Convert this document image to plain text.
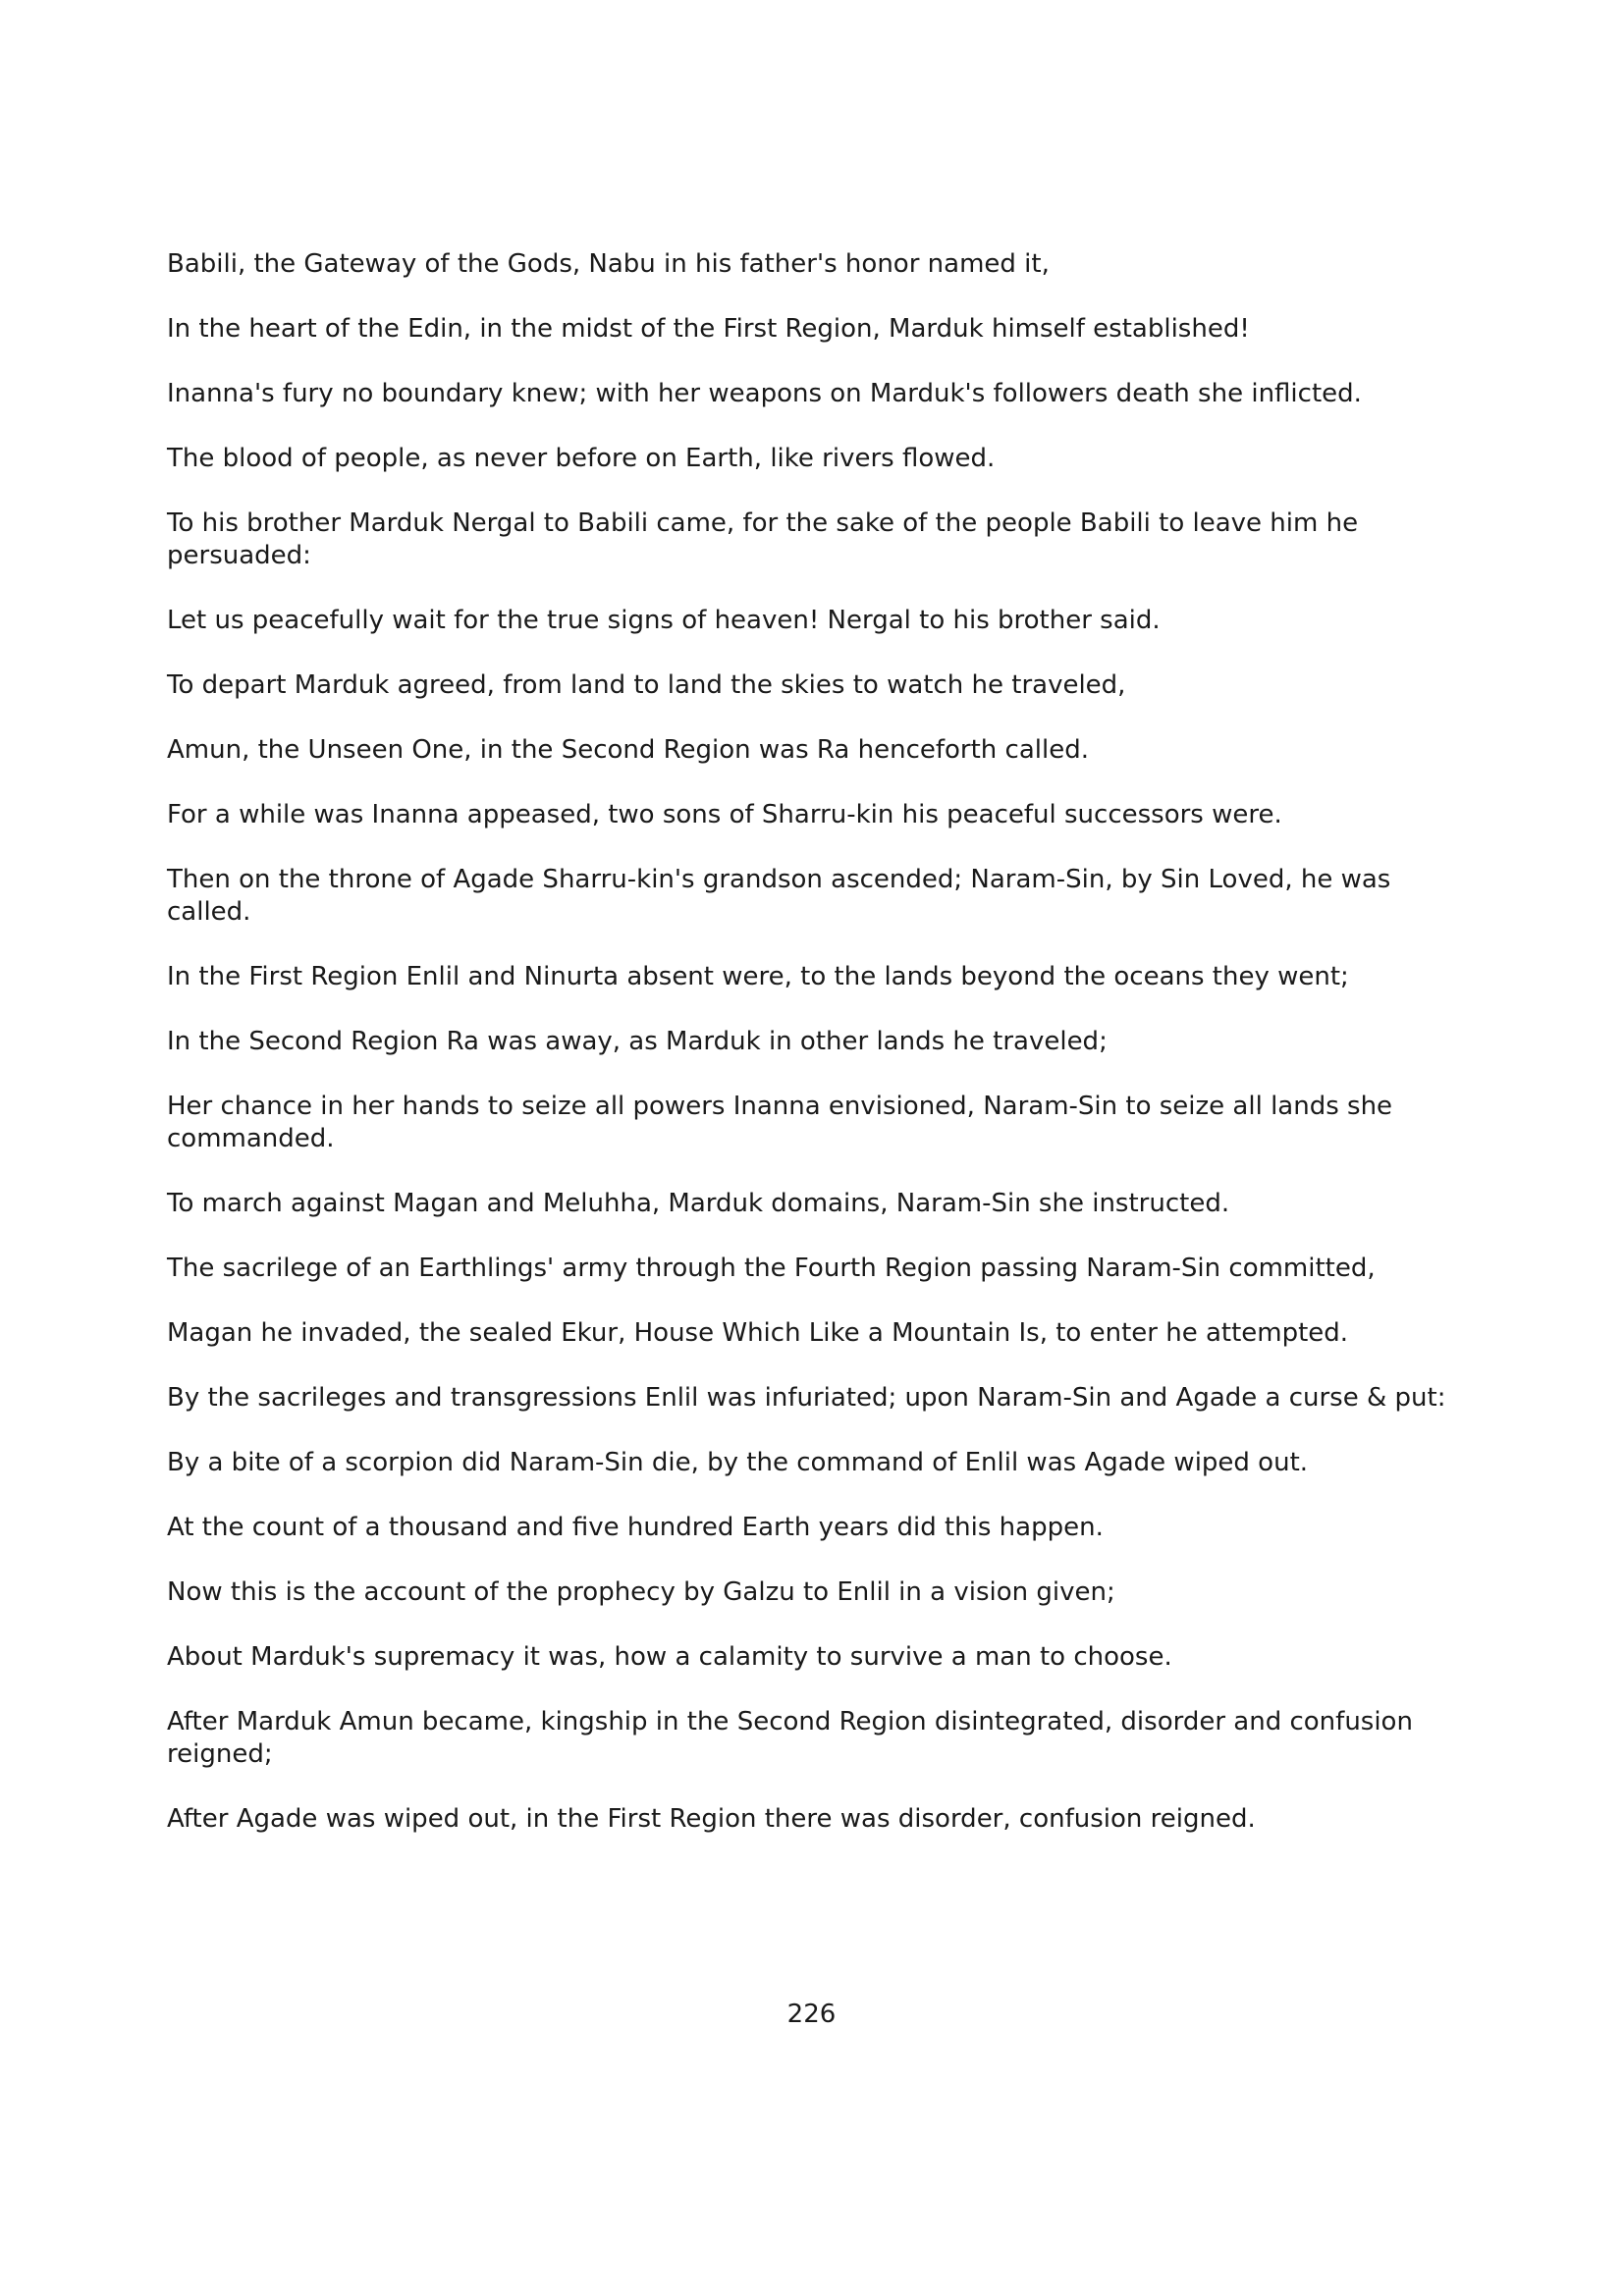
Babili, the Gateway of the Gods, Nabu in his father's honor named it,

In the heart of the Edin, in the midst of the First Region, Marduk himself established!

Inanna's fury no boundary knew; with her weapons on Marduk's followers death she inflicted.

The blood of people, as never before on Earth, like rivers flowed.

To his brother Marduk Nergal to Babili came, for the sake of the people Babili to leave him he persuaded:

Let us peacefully wait for the true signs of heaven! Nergal to his brother said.

To depart Marduk agreed, from land to land the skies to watch he traveled,

Amun, the Unseen One, in the Second Region was Ra henceforth called.

For a while was Inanna appeased, two sons of Sharru-kin his peaceful successors were.

Then on the throne of Agade Sharru-kin's grandson ascended; Naram-Sin, by Sin Loved, he was called.

In the First Region Enlil and Ninurta absent were, to the lands beyond the oceans they went;

In the Second Region Ra was away, as Marduk in other lands he traveled;

Her chance in her hands to seize all powers Inanna envisioned, Naram-Sin to seize all lands she commanded.

To march against Magan and Meluhha, Marduk domains, Naram-Sin she instructed.

The sacrilege of an Earthlings' army through the Fourth Region passing Naram-Sin committed,

Magan he invaded, the sealed Ekur, House Which Like a Mountain Is, to enter he attempted.

By the sacrileges and transgressions Enlil was infuriated; upon Naram-Sin and Agade a curse & put:

By a bite of a scorpion did Naram-Sin die, by the command of Enlil was Agade wiped out.

At the count of a thousand and five hundred Earth years did this happen.

Now this is the account of the prophecy by Galzu to Enlil in a vision given;

About Marduk's supremacy it was, how a calamity to survive a man to choose.

After Marduk Amun became, kingship in the Second Region disintegrated, disorder and confusion reigned;

After Agade was wiped out, in the First Region there was disorder, confusion reigned.

226
